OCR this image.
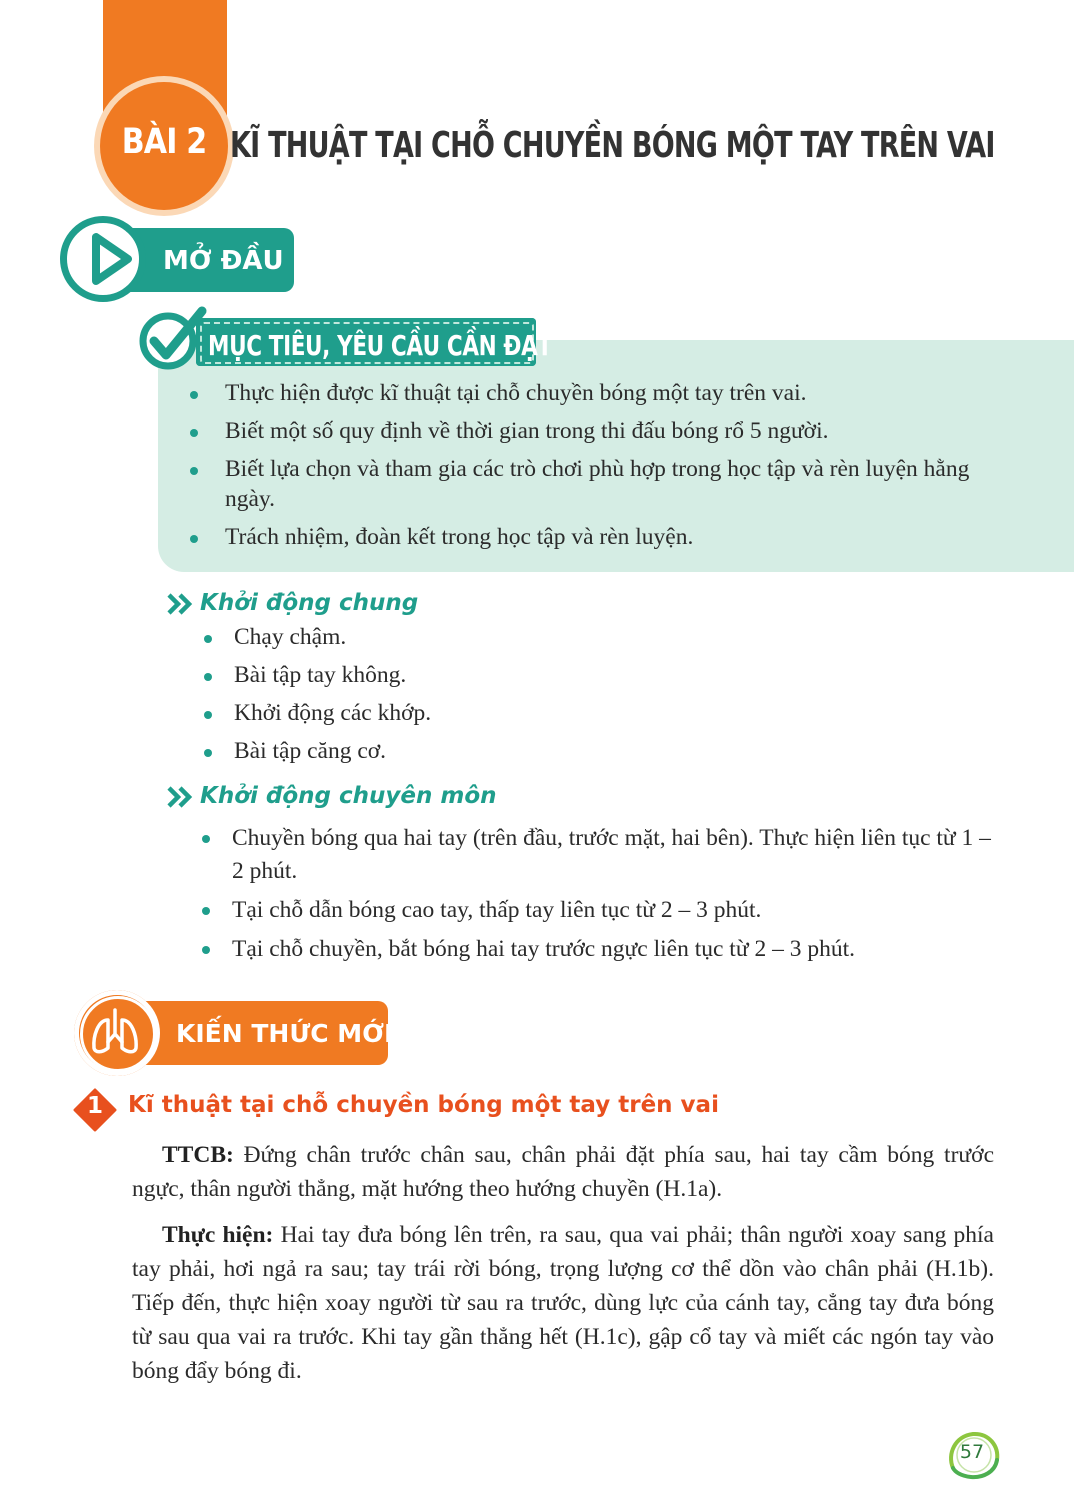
BÀI 2 KĨ THUẬT TẠI CHỖ CHUYỀN BÓNG MỘT TAY TRÊN VAI
MỞ ĐẦU
MỤC TIÊU, YÊU CẦU CẦN ĐẠT
Thực hiện được kĩ thuật tại chỗ chuyền bóng một tay trên vai.
Biết một số quy định về thời gian trong thi đấu bóng rổ 5 người.
Biết lựa chọn và tham gia các trò chơi phù hợp trong học tập và rèn luyện hằng ngày.
Trách nhiệm, đoàn kết trong học tập và rèn luyện.
Khởi động chung
Chạy chậm.
Bài tập tay không.
Khởi động các khớp.
Bài tập căng cơ.
Khởi động chuyên môn
Chuyền bóng qua hai tay (trên đầu, trước mặt, hai bên). Thực hiện liên tục từ 1 – 2 phút.
Tại chỗ dẫn bóng cao tay, thấp tay liên tục từ 2 – 3 phút.
Tại chỗ chuyền, bắt bóng hai tay trước ngực liên tục từ 2 – 3 phút.
KIẾN THỨC MỚI
1 Kĩ thuật tại chỗ chuyền bóng một tay trên vai

TTCB: Đứng chân trước chân sau, chân phải đặt phía sau, hai tay cầm bóng trước ngực, thân người thẳng, mặt hướng theo hướng chuyền (H.1a).

Thực hiện: Hai tay đưa bóng lên trên, ra sau, qua vai phải; thân người xoay sang phía tay phải, hơi ngả ra sau; tay trái rời bóng, trọng lượng cơ thể dồn vào chân phải (H.1b). Tiếp đến, thực hiện xoay người từ sau ra trước, dùng lực của cánh tay, cẳng tay đưa bóng từ sau qua vai ra trước. Khi tay gần thẳng hết (H.1c), gập cổ tay và miết các ngón tay vào bóng đẩy bóng đi.

57
